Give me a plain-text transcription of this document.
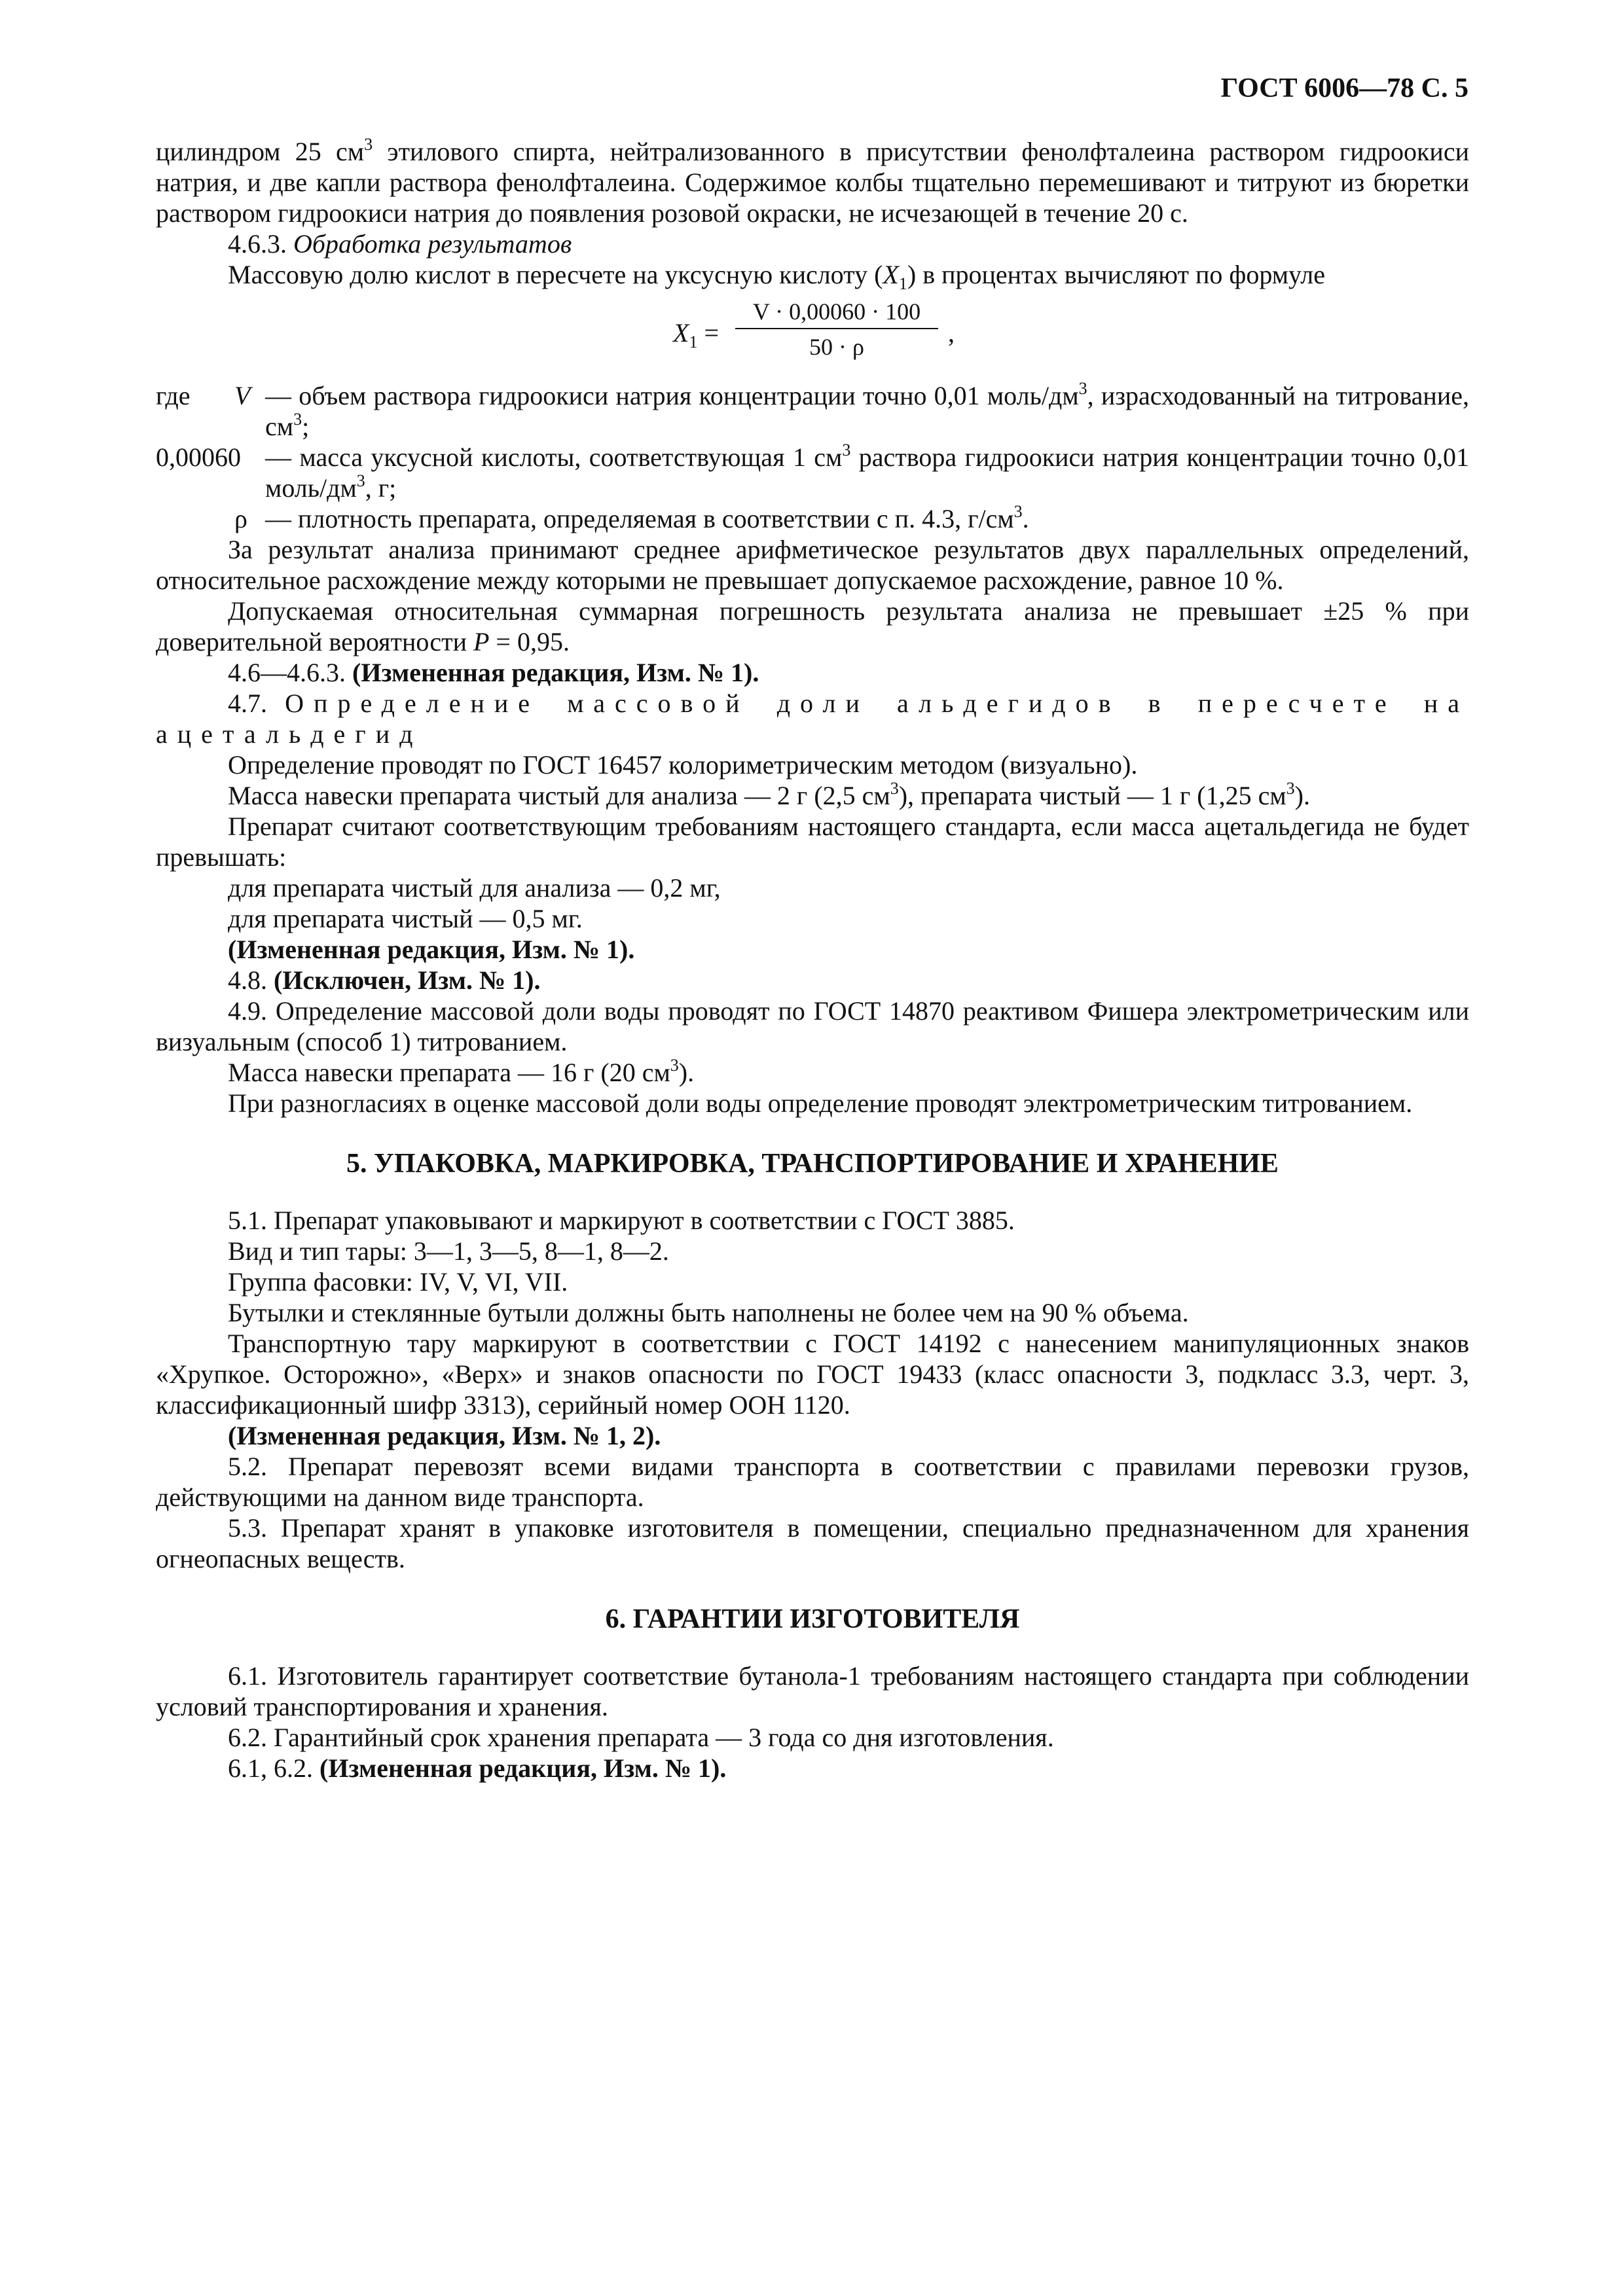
ГОСТ 6006—78 С. 5

цилиндром 25 $см^3$ этилового спирта, нейтрализованного в присутствии фенолфталеина раствором гидроокиси натрия, и две капли раствора фенолфталеина. Содержимое колбы тщательно перемешивают и титруют из бюретки раствором гидроокиси натрия до появления розовой окраски, не исчезающей в течение 20 с.

4.6.3. Обработка результатов

Массовую долю кислот в пересчете на уксусную кислоту $(X_1)$ в процентах вычисляют по формуле

$X_1$ =
V · 0,00060 · 100
50 · ρ	,
где V — объем раствора гидроокиси натрия концентрации точно 0,01 моль/$дм^3$, израсходованный на титрование, $см^3$;
0,00060 — масса уксусной кислоты, соответствующая 1 $см^3$ раствора гидроокиси натрия концентрации точно 0,01 моль/$дм^3$, г;
ρ — плотность препарата, определяемая в соответствии с п. 4.3, $г/см^3$.

За результат анализа принимают среднее арифметическое результатов двух параллельных определений, относительное расхождение между которыми не превышает допускаемое расхождение, равное 10 %.

Допускаемая относительная суммарная погрешность результата анализа не превышает ±25 % при доверительной вероятности P = 0,95.

4.6—4.6.3. (Измененная редакция, Изм. № 1).

4.7. Определение массовой доли альдегидов в пересчете на ацетальдегид

Определение проводят по ГОСТ 16457 колориметрическим методом (визуально).

Масса навески препарата чистый для анализа — 2 г (2,5 $см^3$), препарата чистый — 1 г (1,25 $см^3$).

Препарат считают соответствующим требованиям настоящего стандарта, если масса ацетальдегида не будет превышать:

для препарата чистый для анализа — 0,2 мг,

для препарата чистый — 0,5 мг.

(Измененная редакция, Изм. № 1).

4.8. (Исключен, Изм. № 1).

4.9. Определение массовой доли воды проводят по ГОСТ 14870 реактивом Фишера электрометрическим или визуальным (способ 1) титрованием.

Масса навески препарата — 16 г (20 $см^3$).

При разногласиях в оценке массовой доли воды определение проводят электрометрическим титрованием.

5. УПАКОВКА, МАРКИРОВКА, ТРАНСПОРТИРОВАНИЕ И ХРАНЕНИЕ

5.1. Препарат упаковывают и маркируют в соответствии с ГОСТ 3885.

Вид и тип тары: 3—1, 3—5, 8—1, 8—2.

Группа фасовки: IV, V, VI, VII.

Бутылки и стеклянные бутыли должны быть наполнены не более чем на 90 % объема.

Транспортную тару маркируют в соответствии с ГОСТ 14192 с нанесением манипуляционных знаков «Хрупкое. Осторожно», «Верх» и знаков опасности по ГОСТ 19433 (класс опасности 3, подкласс 3.3, черт. 3, классификационный шифр 3313), серийный номер ООН 1120.

(Измененная редакция, Изм. № 1, 2).

5.2. Препарат перевозят всеми видами транспорта в соответствии с правилами перевозки грузов, действующими на данном виде транспорта.

5.3. Препарат хранят в упаковке изготовителя в помещении, специально предназначенном для хранения огнеопасных веществ.

6. ГАРАНТИИ ИЗГОТОВИТЕЛЯ

6.1. Изготовитель гарантирует соответствие бутанола-1 требованиям настоящего стандарта при соблюдении условий транспортирования и хранения.

6.2. Гарантийный срок хранения препарата — 3 года со дня изготовления.

6.1, 6.2. (Измененная редакция, Изм. № 1).
